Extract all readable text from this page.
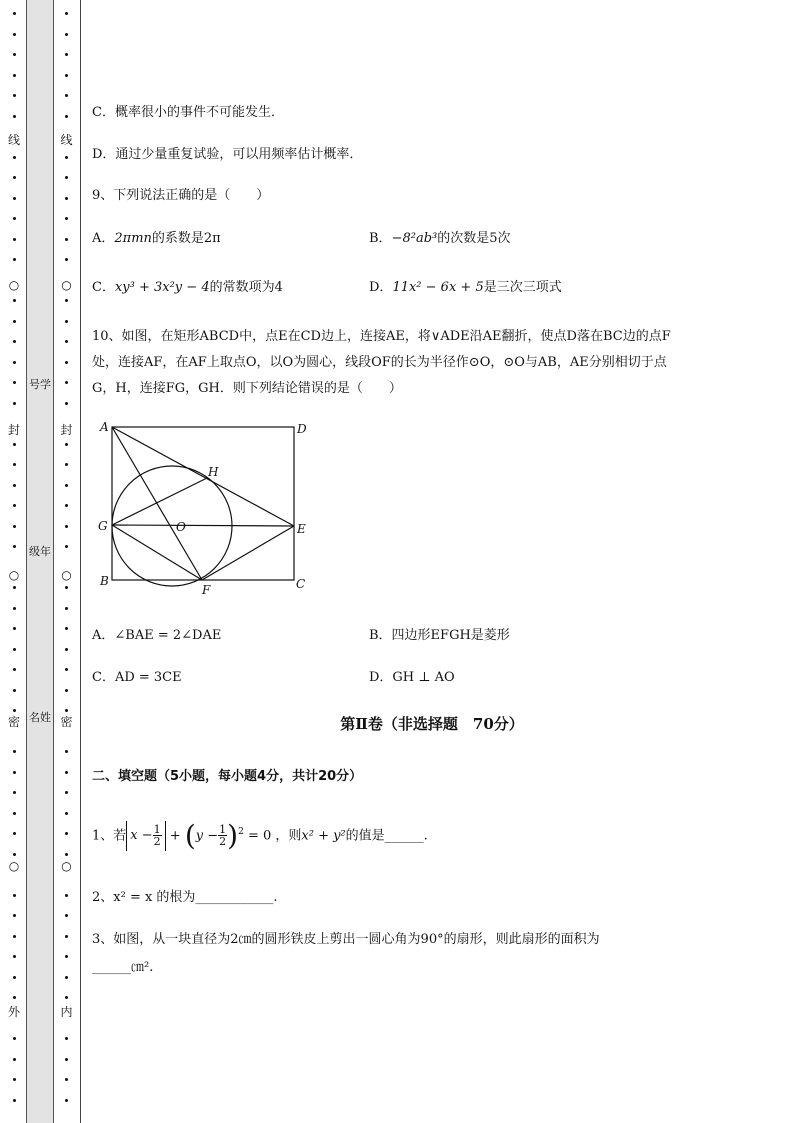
线
○
封
○
密
○
外
号学
级年
名姓
线
○
封
○
密
○
内
C．概率很小的事件不可能发生．
D．通过少量重复试验，可以用频率估计概率．
9、下列说法正确的是（　　）
A．2πmn的系数是2π	B．−8²ab³的次数是5次
C．xy³ + 3x²y − 4的常数项为4	D．11x² − 6x + 5是三次三项式
10、如图，在矩形ABCD中，点E在CD边上，连接AE，将∨ADE沿AE翻折，使点D落在BC边的点F
处，连接AF，在AF上取点O，以O为圆心，线段OF的长为半径作⊙O，⊙O与AB，AE分别相切于点
G，H，连接FG，GH．则下列结论错误的是（　　）
A	D
H
G	O	E
B
F	C
A．∠BAE = 2∠DAE	B．四边形EFGH是菱形
C．AD = 3CE	D．GH ⊥ AO
第Ⅱ卷（非选择题　70分）
二、填空题（5小题，每小题4分，共计20分）
1、若 $x - \frac{1}{2} + (y - \frac{1}{2} )^2 = 0$ ，则x² + y²的值是______.
2、x² = x 的根为____________.
3、如图，从一块直径为2㎝的圆形铁皮上剪出一圆心角为90°的扇形，则此扇形的面积为
______㎝².
